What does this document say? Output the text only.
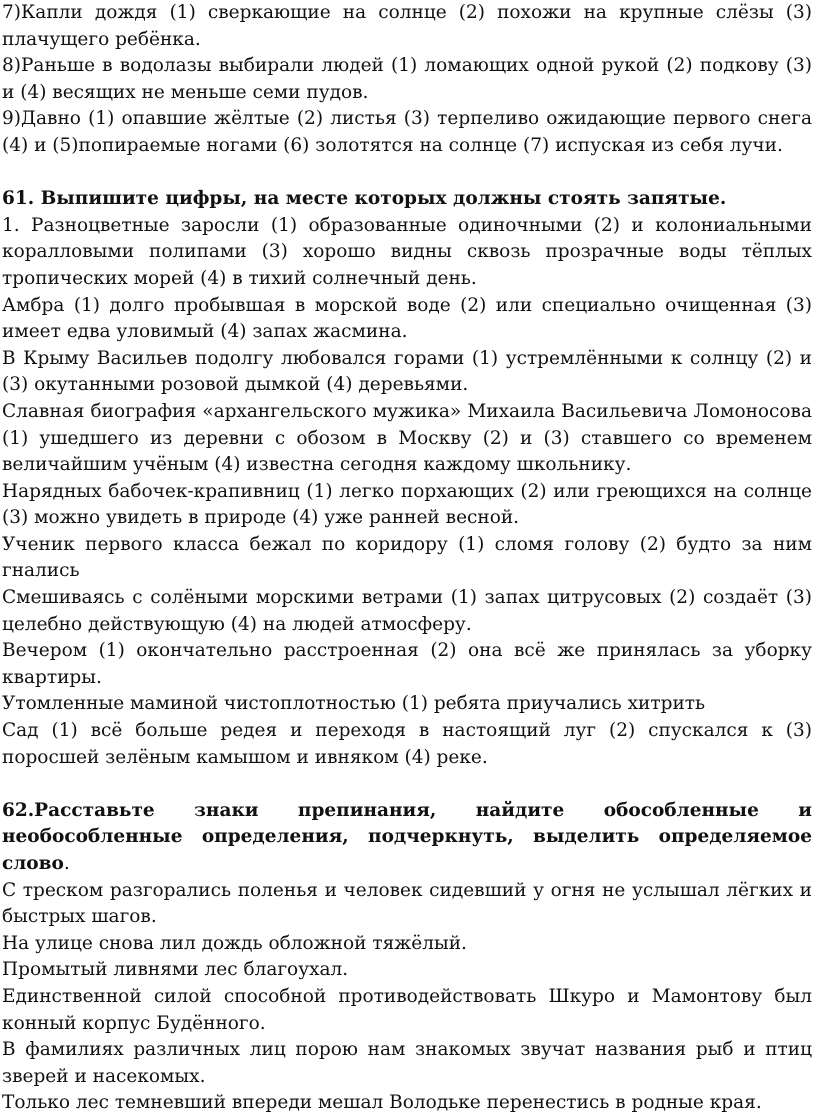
7)Капли дождя (1) сверкающие на солнце (2) похожи на крупные слёзы (3) плачущего ребёнка.

8)Раньше в водолазы выбирали людей (1) ломающих одной рукой (2) подкову (3) и (4) весящих не меньше семи пудов.

9)Давно (1) опавшие жёлтые (2) листья (3) терпеливо ожидающие первого снега (4) и (5)попираемые ногами (6) золотятся на солнце (7) испуская из себя лучи.

61. Выпишите цифры, на месте которых должны стоять запятые.

1. Разноцветные заросли (1) образованные одиночными (2) и колониальными коралловыми полипами (3) хорошо видны сквозь прозрачные воды тёплых тропических морей (4) в тихий солнечный день.

Амбра (1) долго пробывшая в морской воде (2) или специально очищенная (3) имеет едва уловимый (4) запах жасмина.

В Крыму Васильев подолгу любовался горами (1) устремлёнными к солнцу (2) и (3) окутанными розовой дымкой (4) деревьями.

Славная биография «архангельского мужика» Михаила Васильевича Ломоносова (1) ушедшего из деревни с обозом в Москву (2) и (3) ставшего со временем величайшим учёным (4) известна сегодня каждому школьнику.

Нарядных бабочек-крапивниц (1) легко порхающих (2) или греющихся на солнце (3) можно увидеть в природе (4) уже ранней весной.

Ученик первого класса бежал по коридору (1) сломя голову (2) будто за ним гнались

Смешиваясь с солёными морскими ветрами (1) запах цитрусовых (2) создаёт (3) целебно действующую (4) на людей атмосферу.

Вечером (1) окончательно расстроенная (2) она всё же принялась за уборку квартиры.

Утомленные маминой чистоплотностью (1) ребята приучались хитрить

Сад (1) всё больше редея и переходя в настоящий луг (2) спускался к (3) поросшей зелёным камышом и ивняком (4) реке.

62.Расставьте знаки препинания, найдите обособленные и необособленные определения, подчеркнуть, выделить определяемое слово.

С треском разгорались поленья и человек сидевший у огня не услышал лёгких и быстрых шагов.

На улице снова лил дождь обложной тяжёлый.

Промытый ливнями лес благоухал.

Единственной силой способной противодействовать Шкуро и Мамонтову был конный корпус Будённого.

В фамилиях различных лиц порою нам знакомых звучат названия рыб и птиц зверей и насекомых.

Только лес темневший впереди мешал Володьке перенестись в родные края.
